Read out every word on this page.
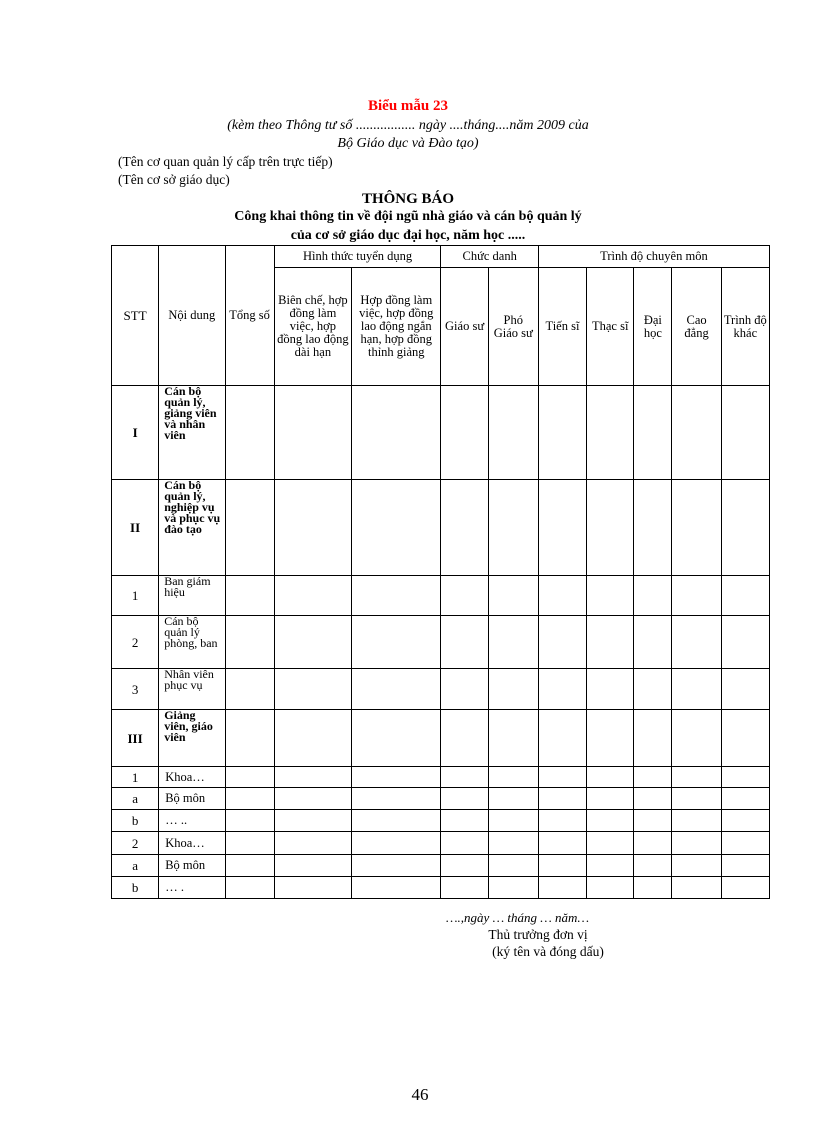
Biểu mẫu 23
(kèm theo Thông tư số ................. ngày ....tháng....năm 2009 của
Bộ Giáo dục và Đào tạo)
(Tên cơ quan quản lý cấp trên trực tiếp)
(Tên cơ sở giáo dục)
THÔNG BÁO
Công khai thông tin về đội ngũ nhà giáo và cán bộ quản lý
của cơ sở giáo dục đại học, năm học .....
STT	Nội dung	Tổng số	Hình thức tuyển dụng		Chức danh		Trình độ chuyên môn				
			Biên chế, hợp đồng làm việc, hợp đồng lao động dài hạn	Hợp đồng làm việc, hợp đồng lao động ngắn hạn, hợp đồng thỉnh giảng	Giáo sư	Phó Giáo sư	Tiến sĩ	Thạc sĩ	Đại học	Cao đẳng	Trình độ khác
I	Cán bộ quản lý, giảng viên và nhân viên										
II	Cán bộ quản lý, nghiệp vụ và phục vụ đào tạo										
1	Ban giám hiệu										
2	Cán bộ quản lý phòng, ban										
3	Nhân viên phục vụ										
III	Giảng viên, giáo viên										
1	Khoa…										
a	Bộ môn										
b	… ..										
2	Khoa…										
a	Bộ môn										
b	… .										
….,ngày … tháng … năm…
Thủ trưởng đơn vị
(ký tên và đóng dấu)
46
